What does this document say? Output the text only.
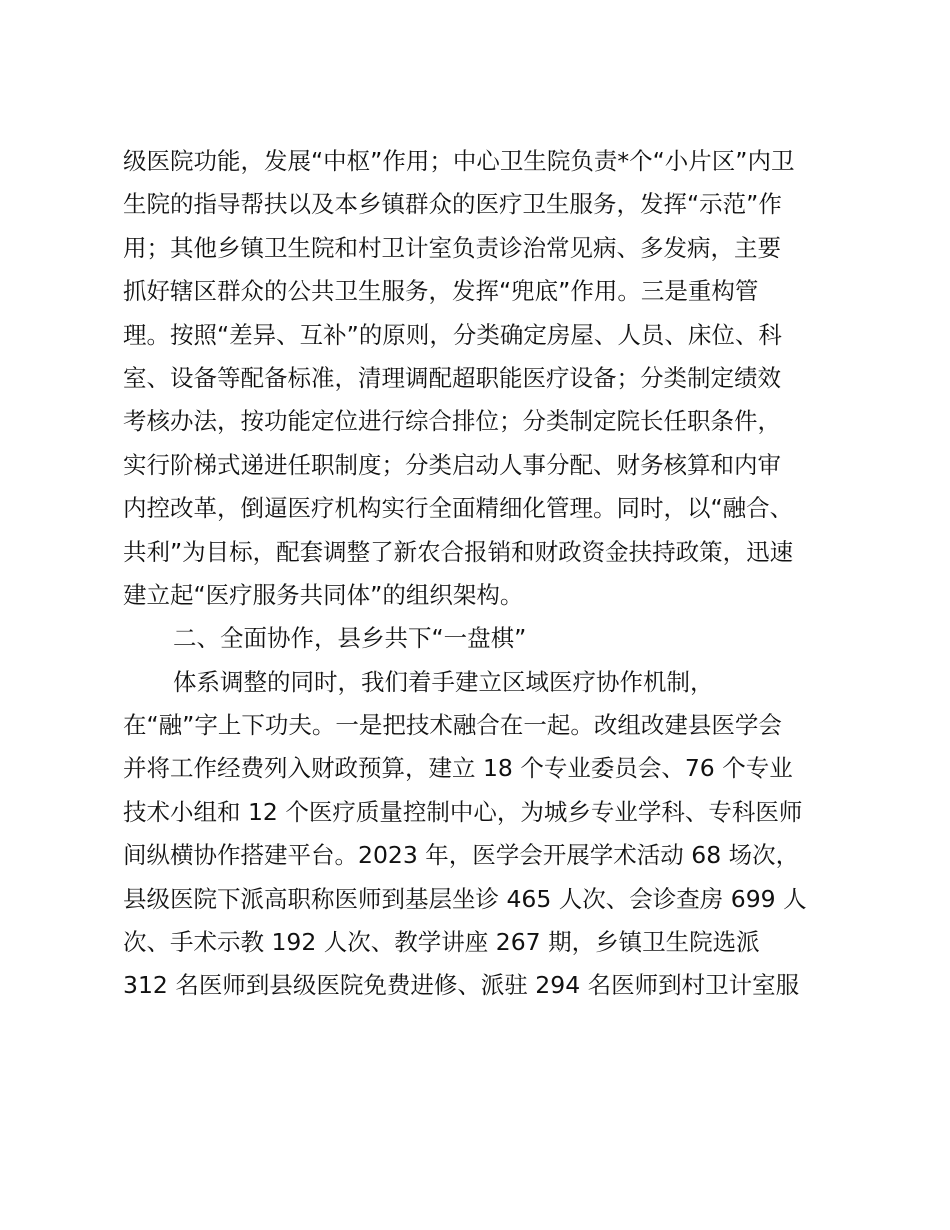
级医院功能，发展“中枢”作用；中心卫生院负责*个“小片区”内卫
生院的指导帮扶以及本乡镇群众的医疗卫生服务，发挥“示范”作
用；其他乡镇卫生院和村卫计室负责诊治常见病、多发病，主要
抓好辖区群众的公共卫生服务，发挥“兜底”作用。三是重构管
理。按照“差异、互补”的原则，分类确定房屋、人员、床位、科
室、设备等配备标准，清理调配超职能医疗设备；分类制定绩效
考核办法，按功能定位进行综合排位；分类制定院长任职条件，
实行阶梯式递进任职制度；分类启动人事分配、财务核算和内审
内控改革，倒逼医疗机构实行全面精细化管理。同时，以“融合、
共利”为目标，配套调整了新农合报销和财政资金扶持政策，迅速
建立起“医疗服务共同体”的组织架构。
二、全面协作，县乡共下“一盘棋”
体系调整的同时，我们着手建立区域医疗协作机制，
在“融”字上下功夫。一是把技术融合在一起。改组改建县医学会
并将工作经费列入财政预算，建立 18 个专业委员会、76 个专业
技术小组和 12 个医疗质量控制中心，为城乡专业学科、专科医师
间纵横协作搭建平台。2023 年，医学会开展学术活动 68 场次，
县级医院下派高职称医师到基层坐诊 465 人次、会诊查房 699 人
次、手术示教 192 人次、教学讲座 267 期，乡镇卫生院选派
312 名医师到县级医院免费进修、派驻 294 名医师到村卫计室服
